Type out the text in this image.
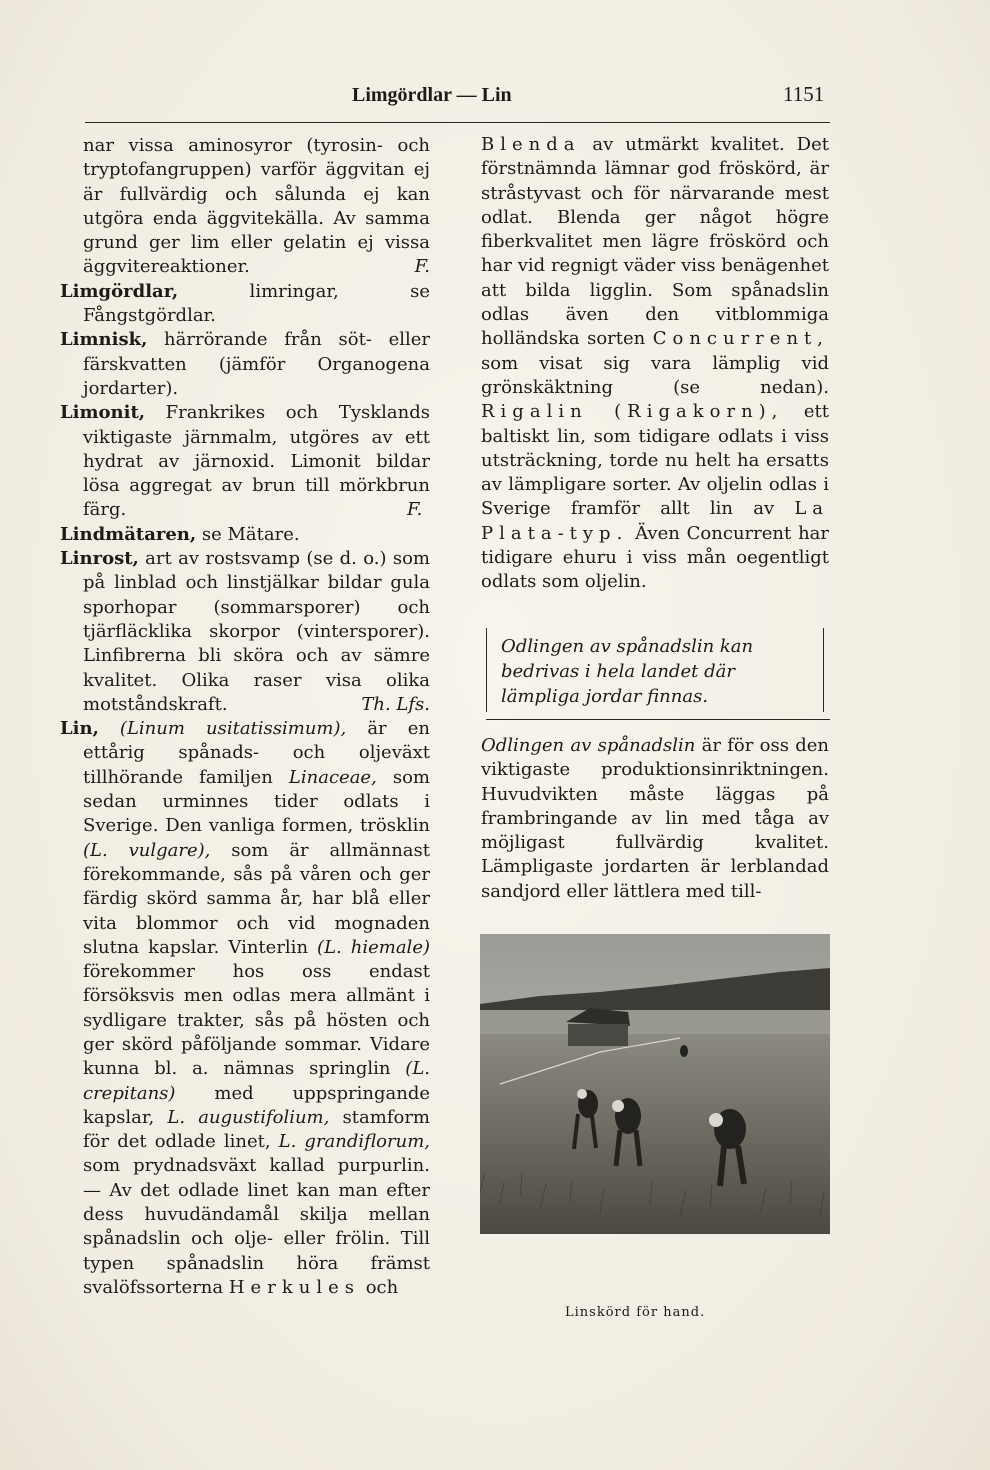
Limgördlar — Lin	1151

nar vissa aminosyror (tyrosin- och tryptofangruppen) varför äggvitan ej är fullvärdig och sålunda ej kan utgöra enda äggvitekälla. Av samma grund ger lim eller gelatin ej vissa äggvitereaktioner.	F.

Limgördlar, limringar, se Fångstgördlar.

Limnisk, härrörande från söt- eller färskvatten (jämför Organogena jordarter).

Limonit, Frankrikes och Tysklands viktigaste järnmalm, utgöres av ett hydrat av järnoxid. Limonit bildar lösa aggregat av brun till mörkbrun färg.	F.

Lindmätaren, se Mätare.

Linrost, art av rostsvamp (se d. o.) som på linblad och linstjälkar bildar gula sporhopar (sommarsporer) och tjärfläcklika skorpor (vintersporer). Linfibrerna bli sköra och av sämre kvalitet. Olika raser visa olika motståndskraft.	Th. Lfs.

Lin, (Linum usitatissimum), är en ettårig spånads- och oljeväxt tillhörande familjen Linaceae, som sedan urminnes tider odlats i Sverige. Den vanliga formen, trösklin (L. vulgare), som är allmännast förekommande, sås på våren och ger färdig skörd samma år, har blå eller vita blommor och vid mognaden slutna kapslar. Vinterlin (L. hiemale) förekommer hos oss endast försöksvis men odlas mera allmänt i sydligare trakter, sås på hösten och ger skörd påföljande sommar. Vidare kunna bl. a. nämnas springlin (L. crepitans) med uppspringande kapslar, L. augustifolium, stamform för det odlade linet, L. grandiflorum, som prydnadsväxt kallad purpurlin. — Av det odlade linet kan man efter dess huvudändamål skilja mellan spånadslin och olje- eller frölin. Till typen spånadslin höra främst svalöfssorterna Herkules och

Blenda av utmärkt kvalitet. Det förstnämnda lämnar god fröskörd, är stråstyvast och för närvarande mest odlat. Blenda ger något högre fiberkvalitet men lägre fröskörd och har vid regnigt väder viss benägenhet att bilda ligglin. Som spånadslin odlas även den vitblommiga holländska sorten Concurrent, som visat sig vara lämplig vid grönskäktning (se nedan). Rigalin (Rigakorn), ett baltiskt lin, som tidigare odlats i viss utsträckning, torde nu helt ha ersatts av lämpligare sorter. Av oljelin odlas i Sverige framför allt lin av La Plata-typ. Även Concurrent har tidigare ehuru i viss mån oegentligt odlats som oljelin.

Odlingen av spånadslin kan bedrivas i hela landet där lämpliga jordar finnas.

Odlingen av spånadslin är för oss den viktigaste produktionsinriktningen. Huvudvikten måste läggas på frambringande av lin med tåga av möjligast fullvärdig kvalitet. Lämpligaste jordarten är lerblandad sandjord eller lättlera med till-

Linskörd för hand.
